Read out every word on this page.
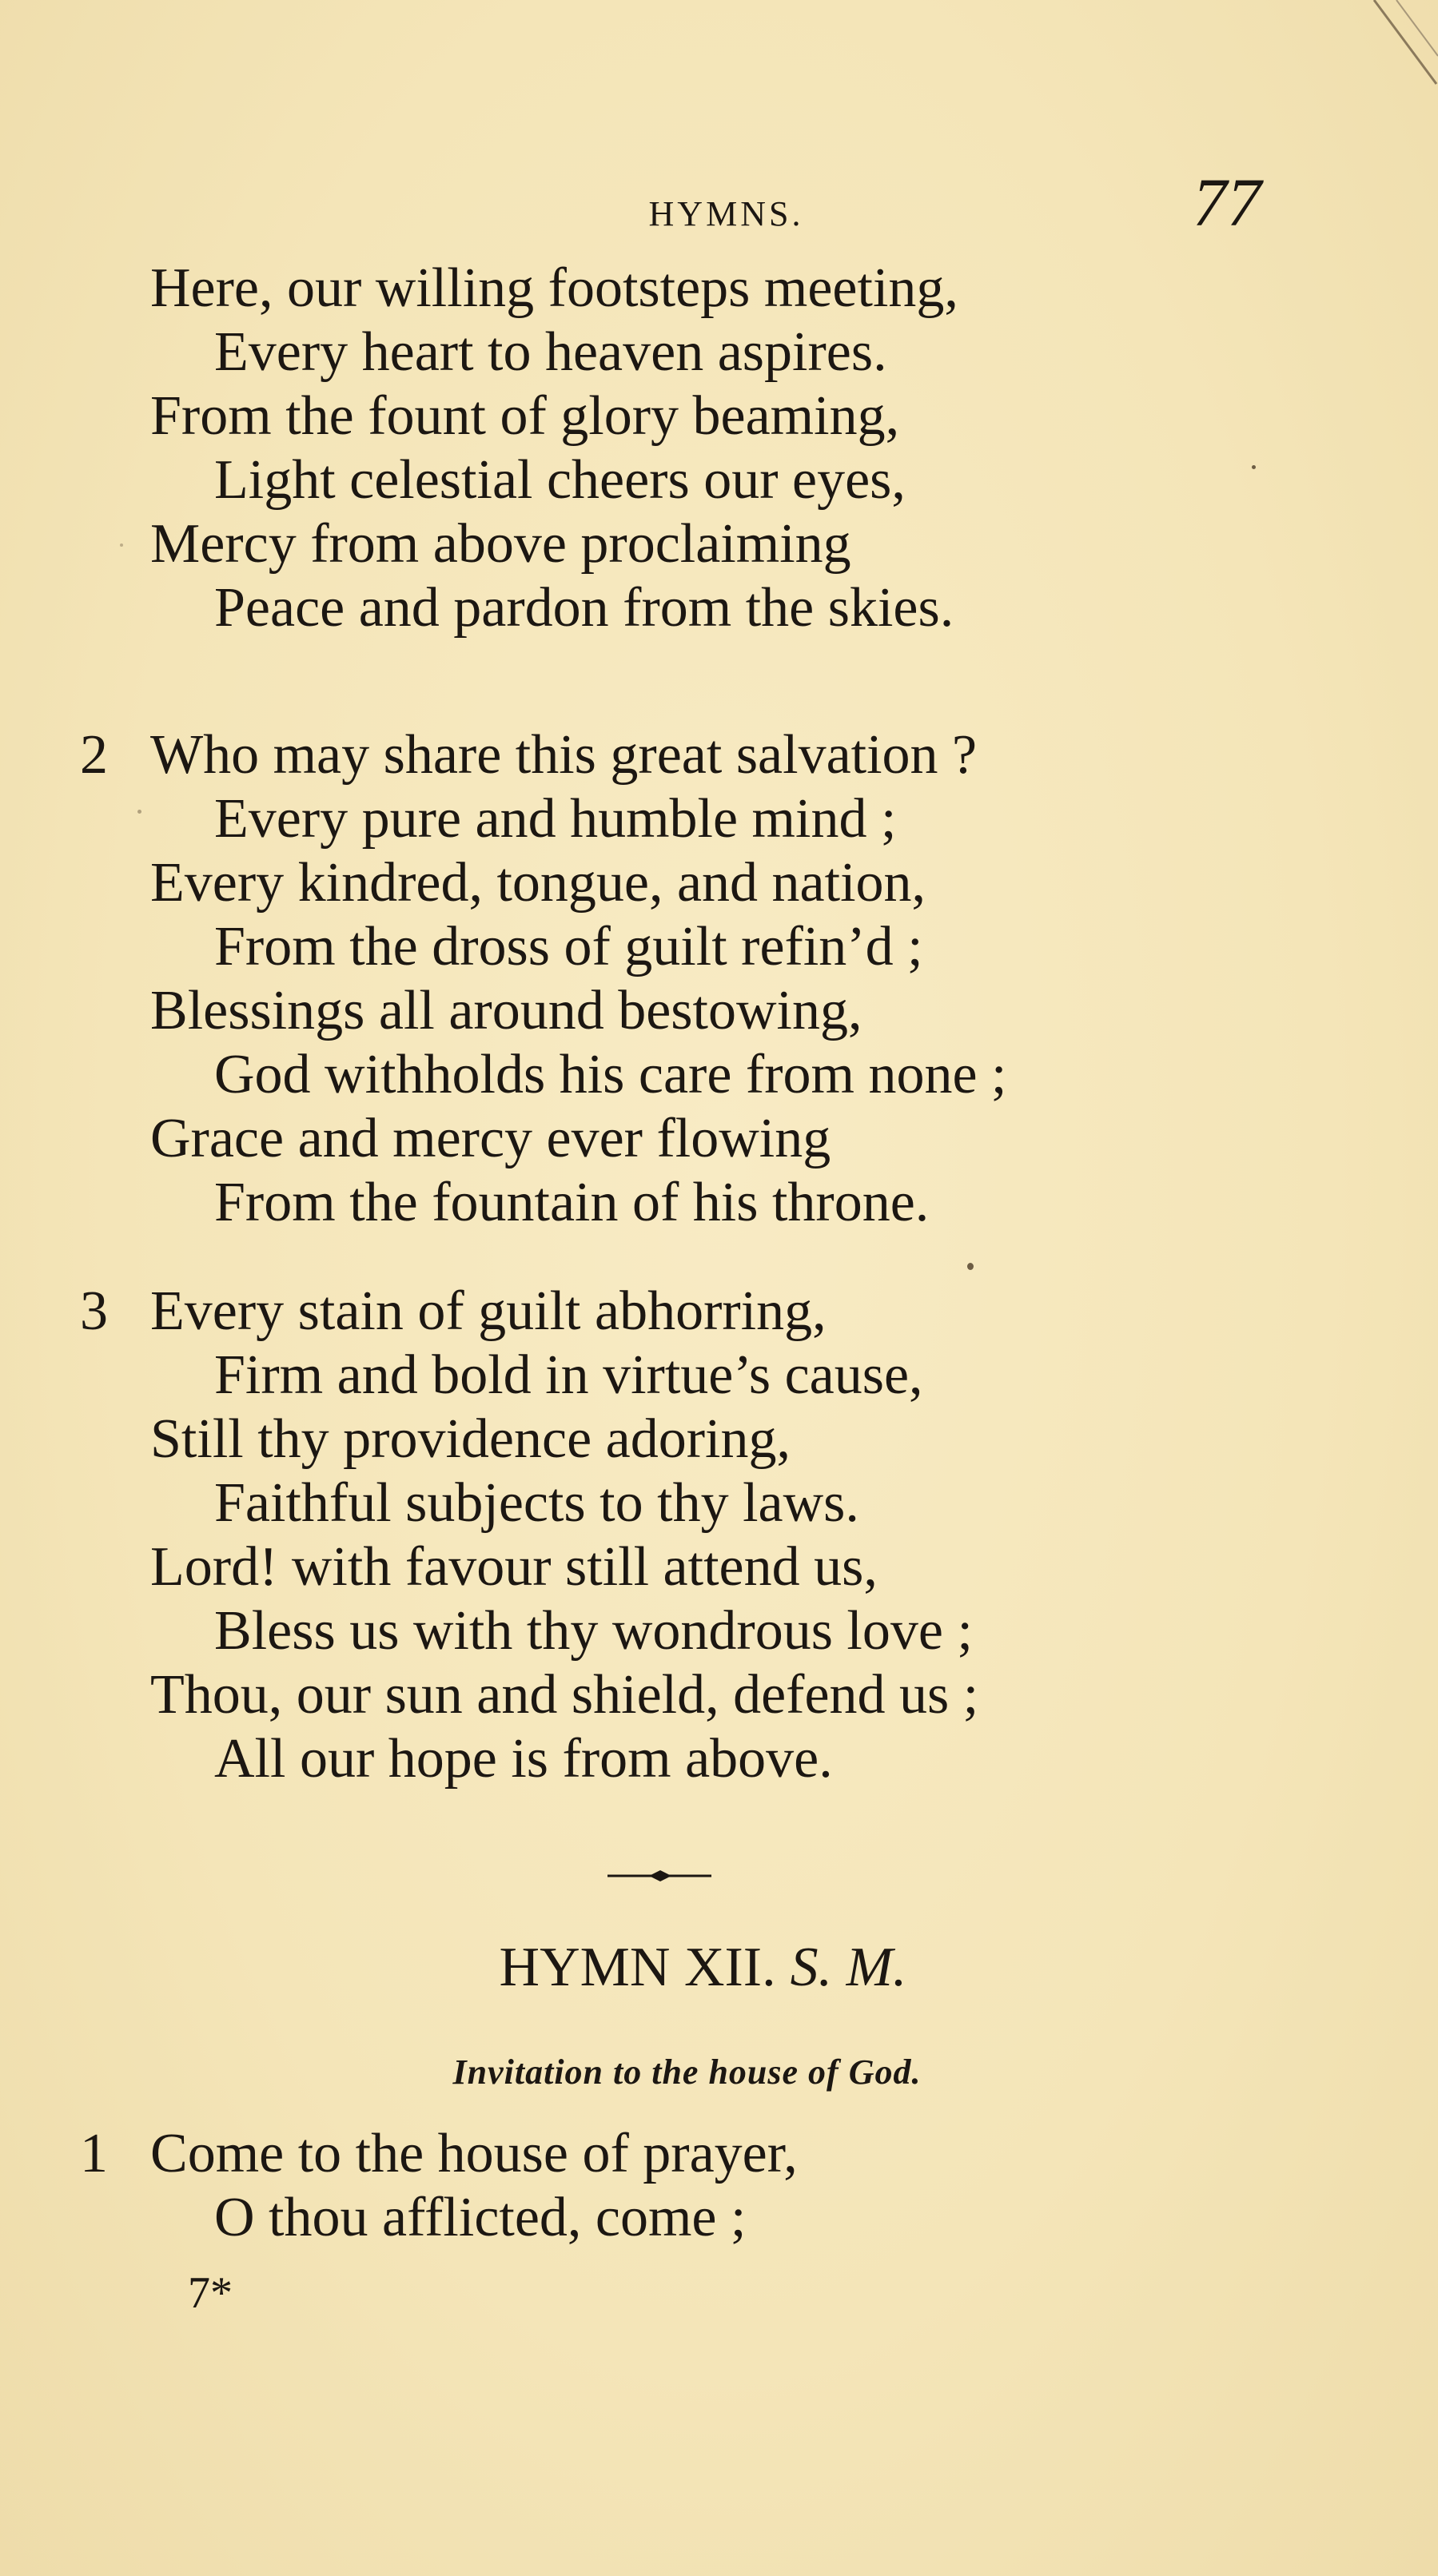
HYMNS.	77
Here, our willing footsteps meeting,
Every heart to heaven aspires.
From the fount of glory beaming,
Light celestial cheers our eyes,
Mercy from above proclaiming
Peace and pardon from the skies.
2 Who may share this great salvation ?
Every pure and humble mind ;
Every kindred, tongue, and nation,
From the dross of guilt refin’d ;
Blessings all around bestowing,
God withholds his care from none ;
Grace and mercy ever flowing
From the fountain of his throne.
3 Every stain of guilt abhorring,
Firm and bold in virtue’s cause,
Still thy providence adoring,
Faithful subjects to thy laws.
Lord! with favour still attend us,
Bless us with thy wondrous love ;
Thou, our sun and shield, defend us ;
All our hope is from above.
HYMN XII. S. M.
Invitation to the house of God.
1 Come to the house of prayer,
O thou afflicted, come ;
7*
